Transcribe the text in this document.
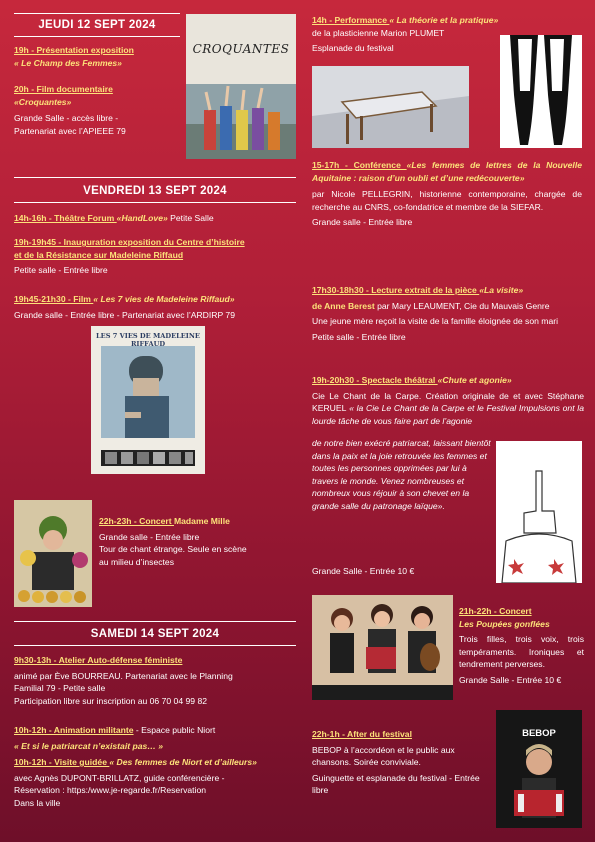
JEUDI 12 SEPT 2024

19h - Présentation exposition

« Le Champ des Femmes»

20h - Film documentaire

«Croquantes»

Grande Salle - accès libre -

Partenariat avec l’APIEEE 79

CROQUANTES
VENDREDI 13 SEPT 2024

14h-16h - Théâtre Forum «HandLove» Petite Salle

19h-19h45 - Inauguration exposition du Centre d’histoire

et de la Résistance sur Madeleine Riffaud

Petite salle - Entrée libre

19h45-21h30 - Film « Les 7 vies de Madeleine Riffaud»

Grande salle - Entrée libre - Partenariat avec l’ARDIRP 79

LES 7 VIES DE MADELEINE RIFFAUD

22h-23h - Concert Madame Mille

Grande salle - Entrée libre

Tour de chant étrange. Seule en scène

au milieu d’insectes

SAMEDI 14 SEPT 2024

9h30-13h - Atelier Auto-défense féministe

animé par Ève BOURREAU. Partenariat avec le Planning

Familial 79 - Petite salle

Participation libre sur inscription au 06 70 04 99 82

10h-12h - Animation militante - Espace public Niort

« Et si le patriarcat n’existait pas… »

10h-12h - Visite guidée « Des femmes de Niort et d’ailleurs»

avec Agnès DUPONT-BRILLATZ, guide conférencière -

Réservation : https:/www.je-regarde.fr/Reservation

Dans la ville

14h - Performance « La théorie et la pratique»

de la plasticienne Marion PLUMET

Esplanade du festival

15-17h - Conférence «Les femmes de lettres de la Nouvelle Aquitaine : raison d’un oubli et d’une redécouverte»

par Nicole PELLEGRIN, historienne contemporaine, chargée de recherche au CNRS, co-fondatrice et membre de la SIEFAR.

Grande salle - Entrée libre

17h30-18h30 - Lecture extrait de la pièce «La visite»

de Anne Berest par Mary LEAUMENT, Cie du Mauvais Genre

Une jeune mère reçoit la visite de la famille éloignée de son mari

Petite salle - Entrée libre

19h-20h30 - Spectacle théâtral «Chute et agonie»

Cie Le Chant de la Carpe. Création originale de et avec Stéphane KERUEL « la Cie Le Chant de la Carpe et le Festival Impulsions ont la lourde tâche de vous faire part de l’agonie

de notre bien exécré patriarcat, laissant bientôt dans la paix et la joie retrouvée les femmes et toutes les personnes opprimées par lui à travers le monde. Venez nombreuses et nombreux vous réjouir à son chevet en la grande salle du patronage laïque».
Grande Salle - Entrée 10 €

21h-22h - Concert

Les Poupées gonflées

Trois filles, trois voix, trois tempéraments. Ironiques et tendrement perverses.

Grande Salle - Entrée 10 €

22h-1h - After du festival

BEBOP à l’accordéon et le public aux chansons. Soirée conviviale.

Guinguette et esplanade du festival - Entrée libre

BEBOP
